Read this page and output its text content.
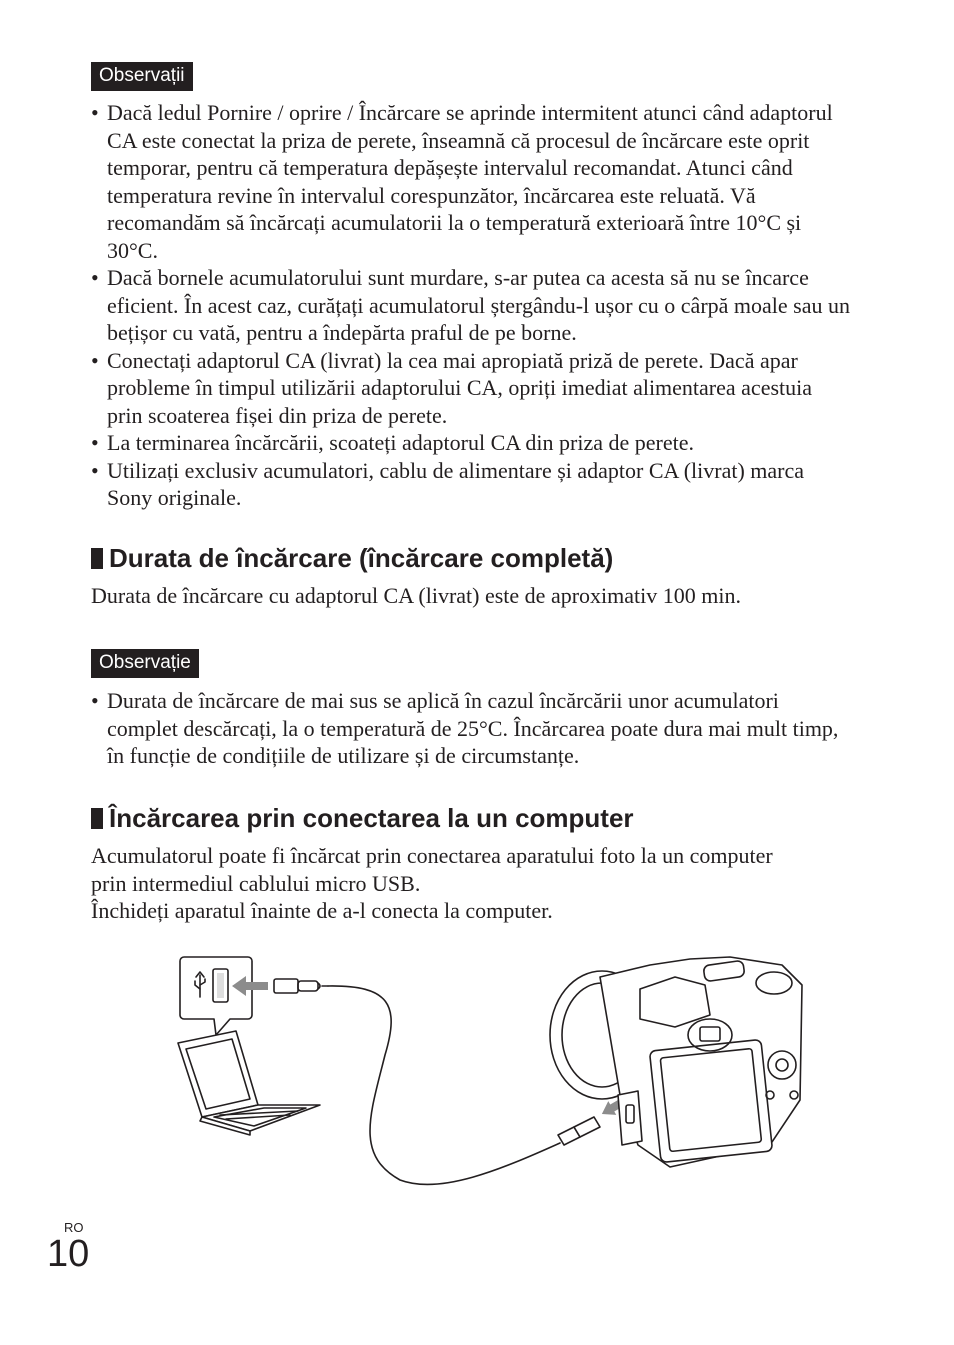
Observații
• Dacă ledul Pornire / oprire / Încărcare se aprinde intermitent atunci când adaptorul CA este conectat la priza de perete, înseamnă că procesul de încărcare este oprit temporar, pentru că temperatura depășește intervalul recomandat. Atunci când temperatura revine în intervalul corespunzător, încărcarea este reluată. Vă recomandăm să încărcați acumulatorii la o temperatură exterioară între 10°C și 30°C.
• Dacă bornele acumulatorului sunt murdare, s-ar putea ca acesta să nu se încarce eficient. În acest caz, curățați acumulatorul ștergându-l ușor cu o cârpă moale sau un bețișor cu vată, pentru a îndepărta praful de pe borne.
• Conectați adaptorul CA (livrat) la cea mai apropiată priză de perete. Dacă apar probleme în timpul utilizării adaptorului CA, opriți imediat alimentarea acestuia prin scoaterea fișei din priza de perete.
• La terminarea încărcării, scoateți adaptorul CA din priza de perete.
• Utilizați exclusiv acumulatori, cablu de alimentare și adaptor CA (livrat) marca Sony originale.
Durata de încărcare (încărcare completă)

Durata de încărcare cu adaptorul CA (livrat) este de aproximativ 100 min.

Observație
• Durata de încărcare de mai sus se aplică în cazul încărcării unor acumulatori complet descărcați, la o temperatură de 25°C. Încărcarea poate dura mai mult timp, în funcție de condițiile de utilizare și de circumstanțe.
Încărcarea prin conectarea la un computer

Acumulatorul poate fi încărcat prin conectarea aparatului foto la un computer prin intermediul cablului micro USB.

Închideți aparatul înainte de a-l conecta la computer.

RO
10
